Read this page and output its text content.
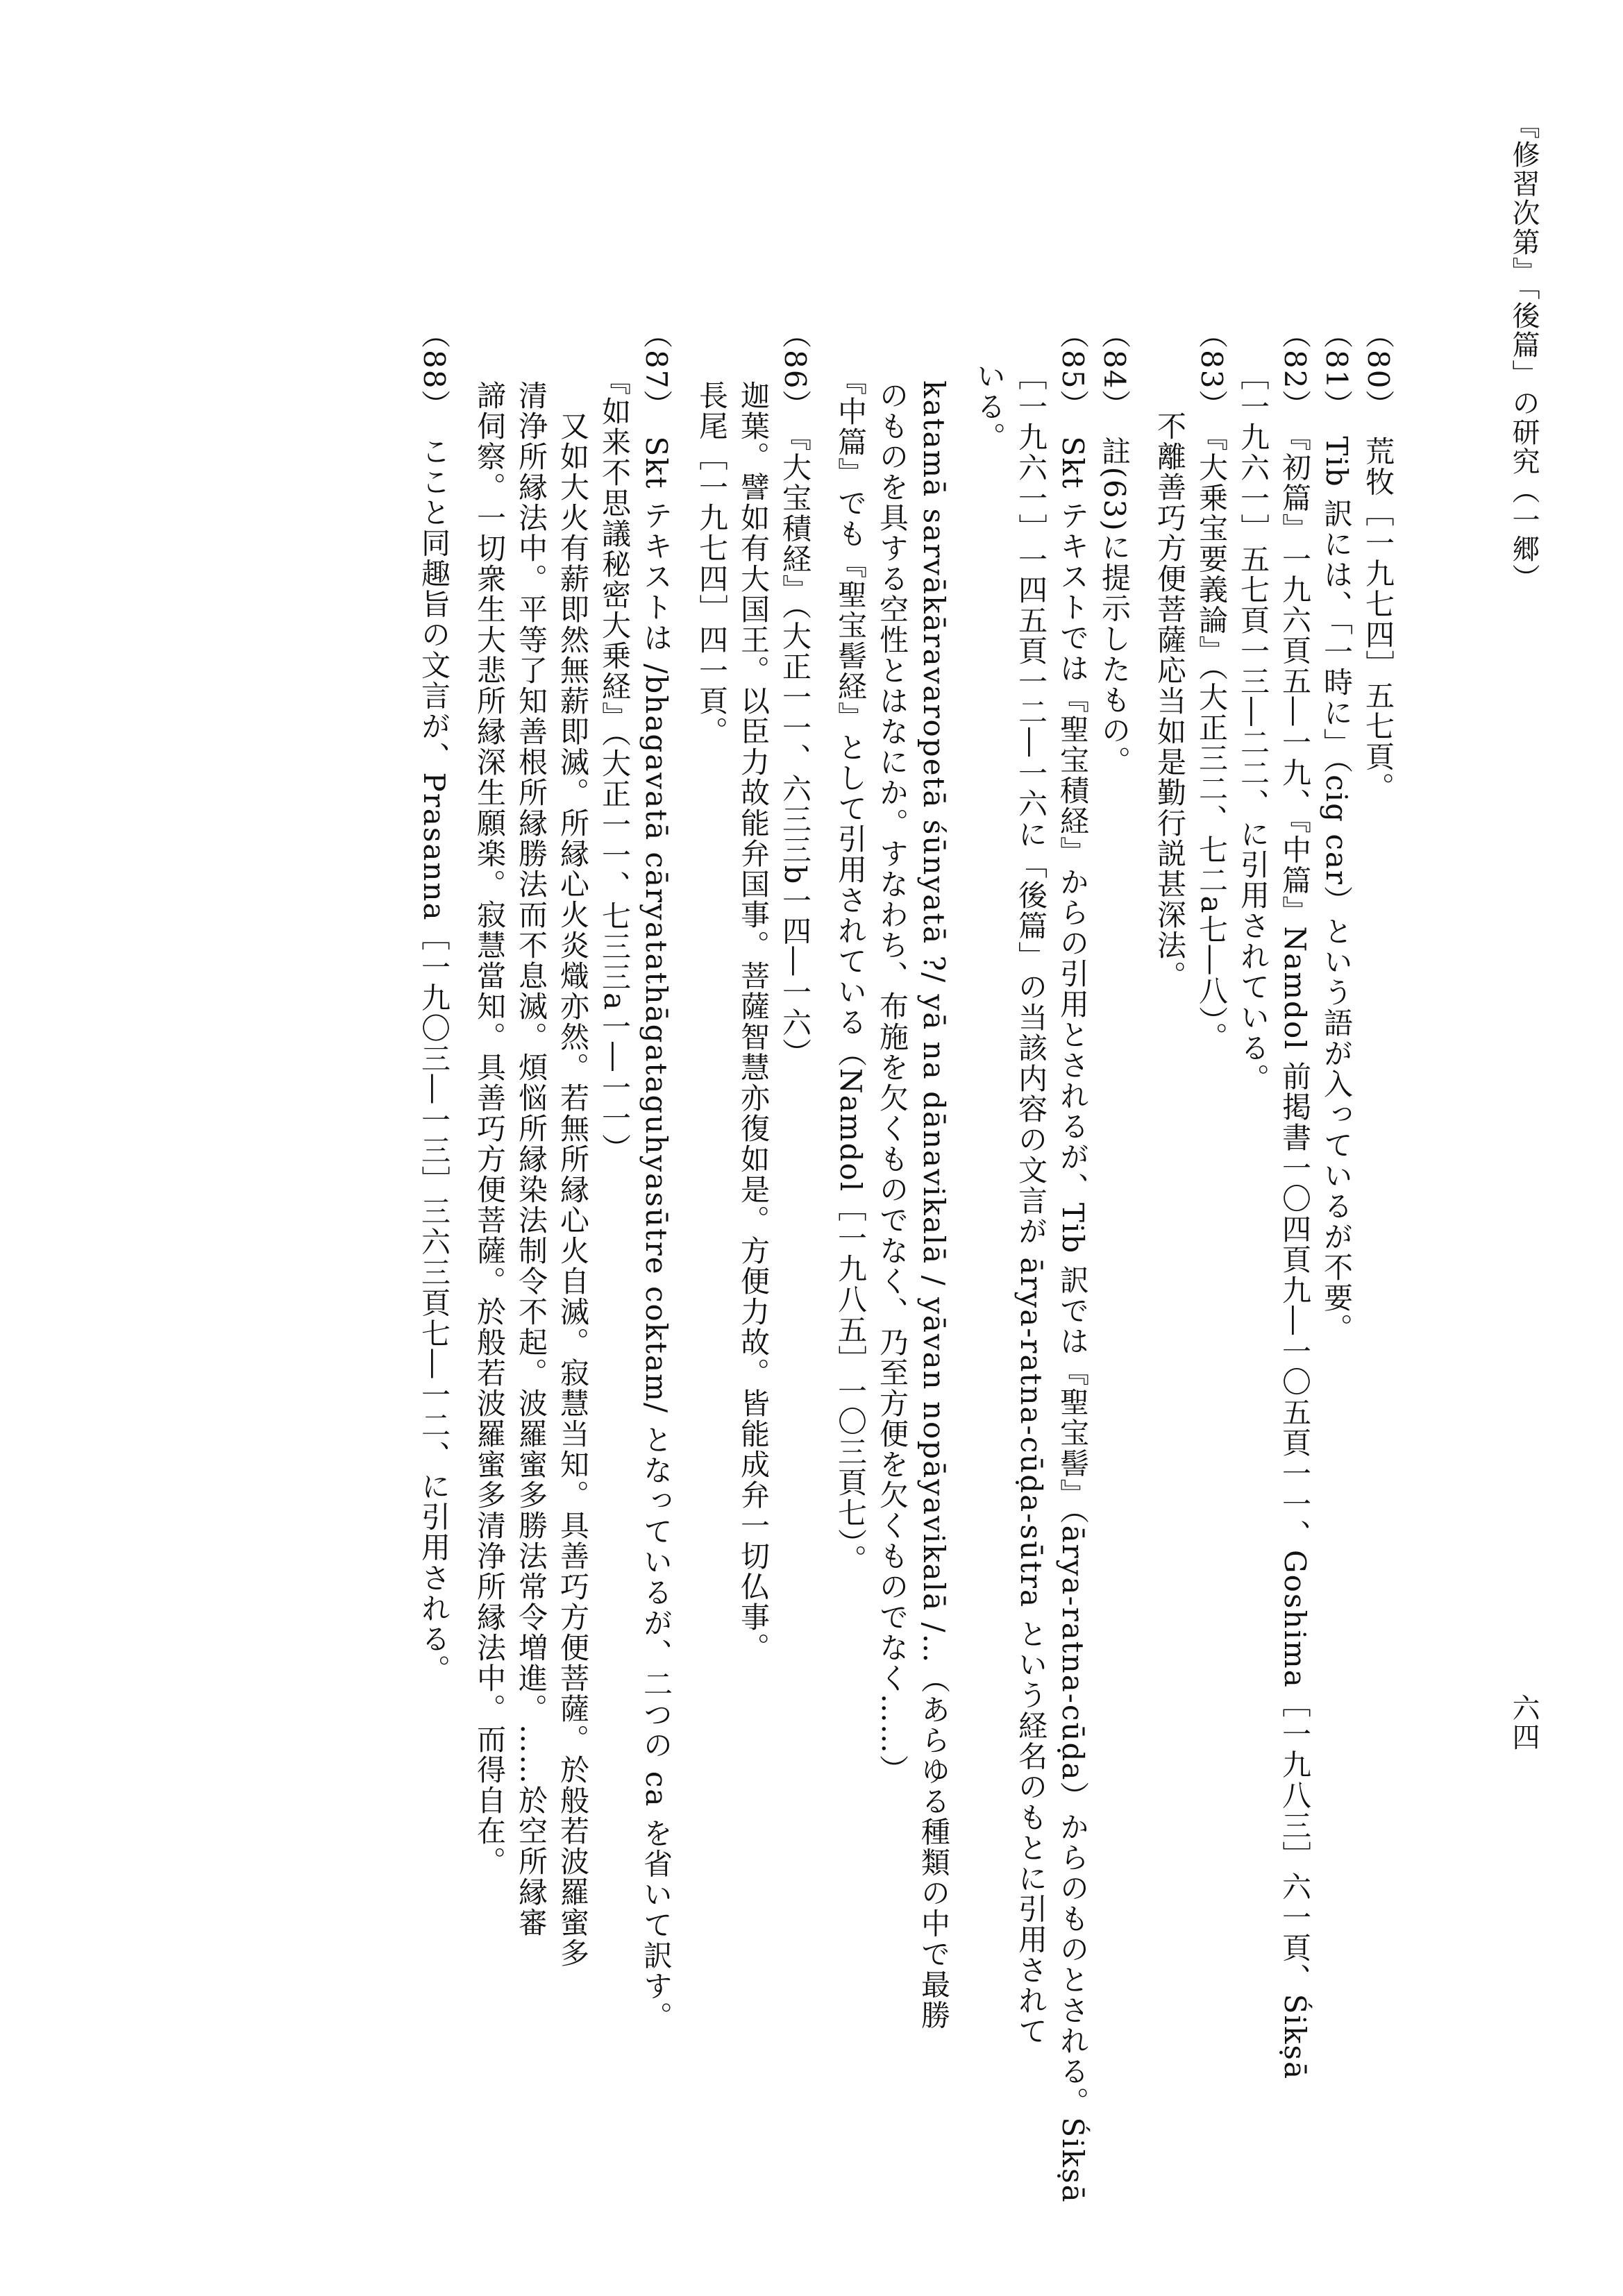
『修習次第』「後篇」の研究（一郷）
六四
（80）　荒牧［一九七四］五七頁。
（81）　Tib 訳には、「一時に」（cig car）という語が入っているが不要。
（82）　『初篇』一九六頁五―一九、『中篇』Namdol 前掲書一〇四頁九―一〇五頁一一、Goshima［一九八三］六一頁、Śikṣā
［一九六一］五七頁一三―二二、に引用されている。
（83）　『大乗宝要義論』（大正三二、七二a七―八）。
　　　不離善巧方便菩薩応当如是勤行説甚深法。
（84）　註(63)に提示したもの。
（85）　Skt テキストでは『聖宝積経』からの引用とされるが、Tib 訳では『聖宝髻』（ārya-ratna-cūḍa）からのものとされる。Śikṣā
［一九六一］一四五頁一二―一六に「後篇」の当該内容の文言が ārya-ratna-cūḍa-sūtra という経名のもとに引用されて
いる。
　　katamā sarvākāravaropetā śūnyatā ?/ yā na dānavikalā / yāvan nopāyavikalā /…（あらゆる種類の中で最勝
　　のものを具する空性とはなにか。すなわち、布施を欠くものでなく、乃至方便を欠くものでなく……）
　　『中篇』でも『聖宝髻経』として引用されている（Namdol［一九八五］一〇三頁七）。
（86）　『大宝積経』（大正一一、六三三b一四―一六）
　　迦葉。譬如有大国王。以臣力故能弁国事。菩薩智慧亦復如是。方便力故。皆能成弁一切仏事。
　　長尾［一九七四］四一頁。
（87）　Skt テキストは /bhagavatā cāryatathāgataguhyasūtre coktam/ となっているが、二つの ca を省いて訳す。
　　『如来不思議秘密大乗経』（大正一一、七三三a一―一一）
　　　又如大火有薪即然無薪即滅。所縁心火炎熾亦然。若無所縁心火自滅。寂慧当知。具善巧方便菩薩。於般若波羅蜜多
　　清浄所縁法中。平等了知善根所縁勝法而不息滅。煩悩所縁染法制令不起。波羅蜜多勝法常令増進。……於空所縁審
　　諦伺察。一切衆生大悲所縁深生願楽。寂慧當知。具善巧方便菩薩。於般若波羅蜜多清浄所縁法中。而得自在。
（88）　ここと同趣旨の文言が、Prasanna［一九〇三―一三］三六三頁七―一二、に引用される。
